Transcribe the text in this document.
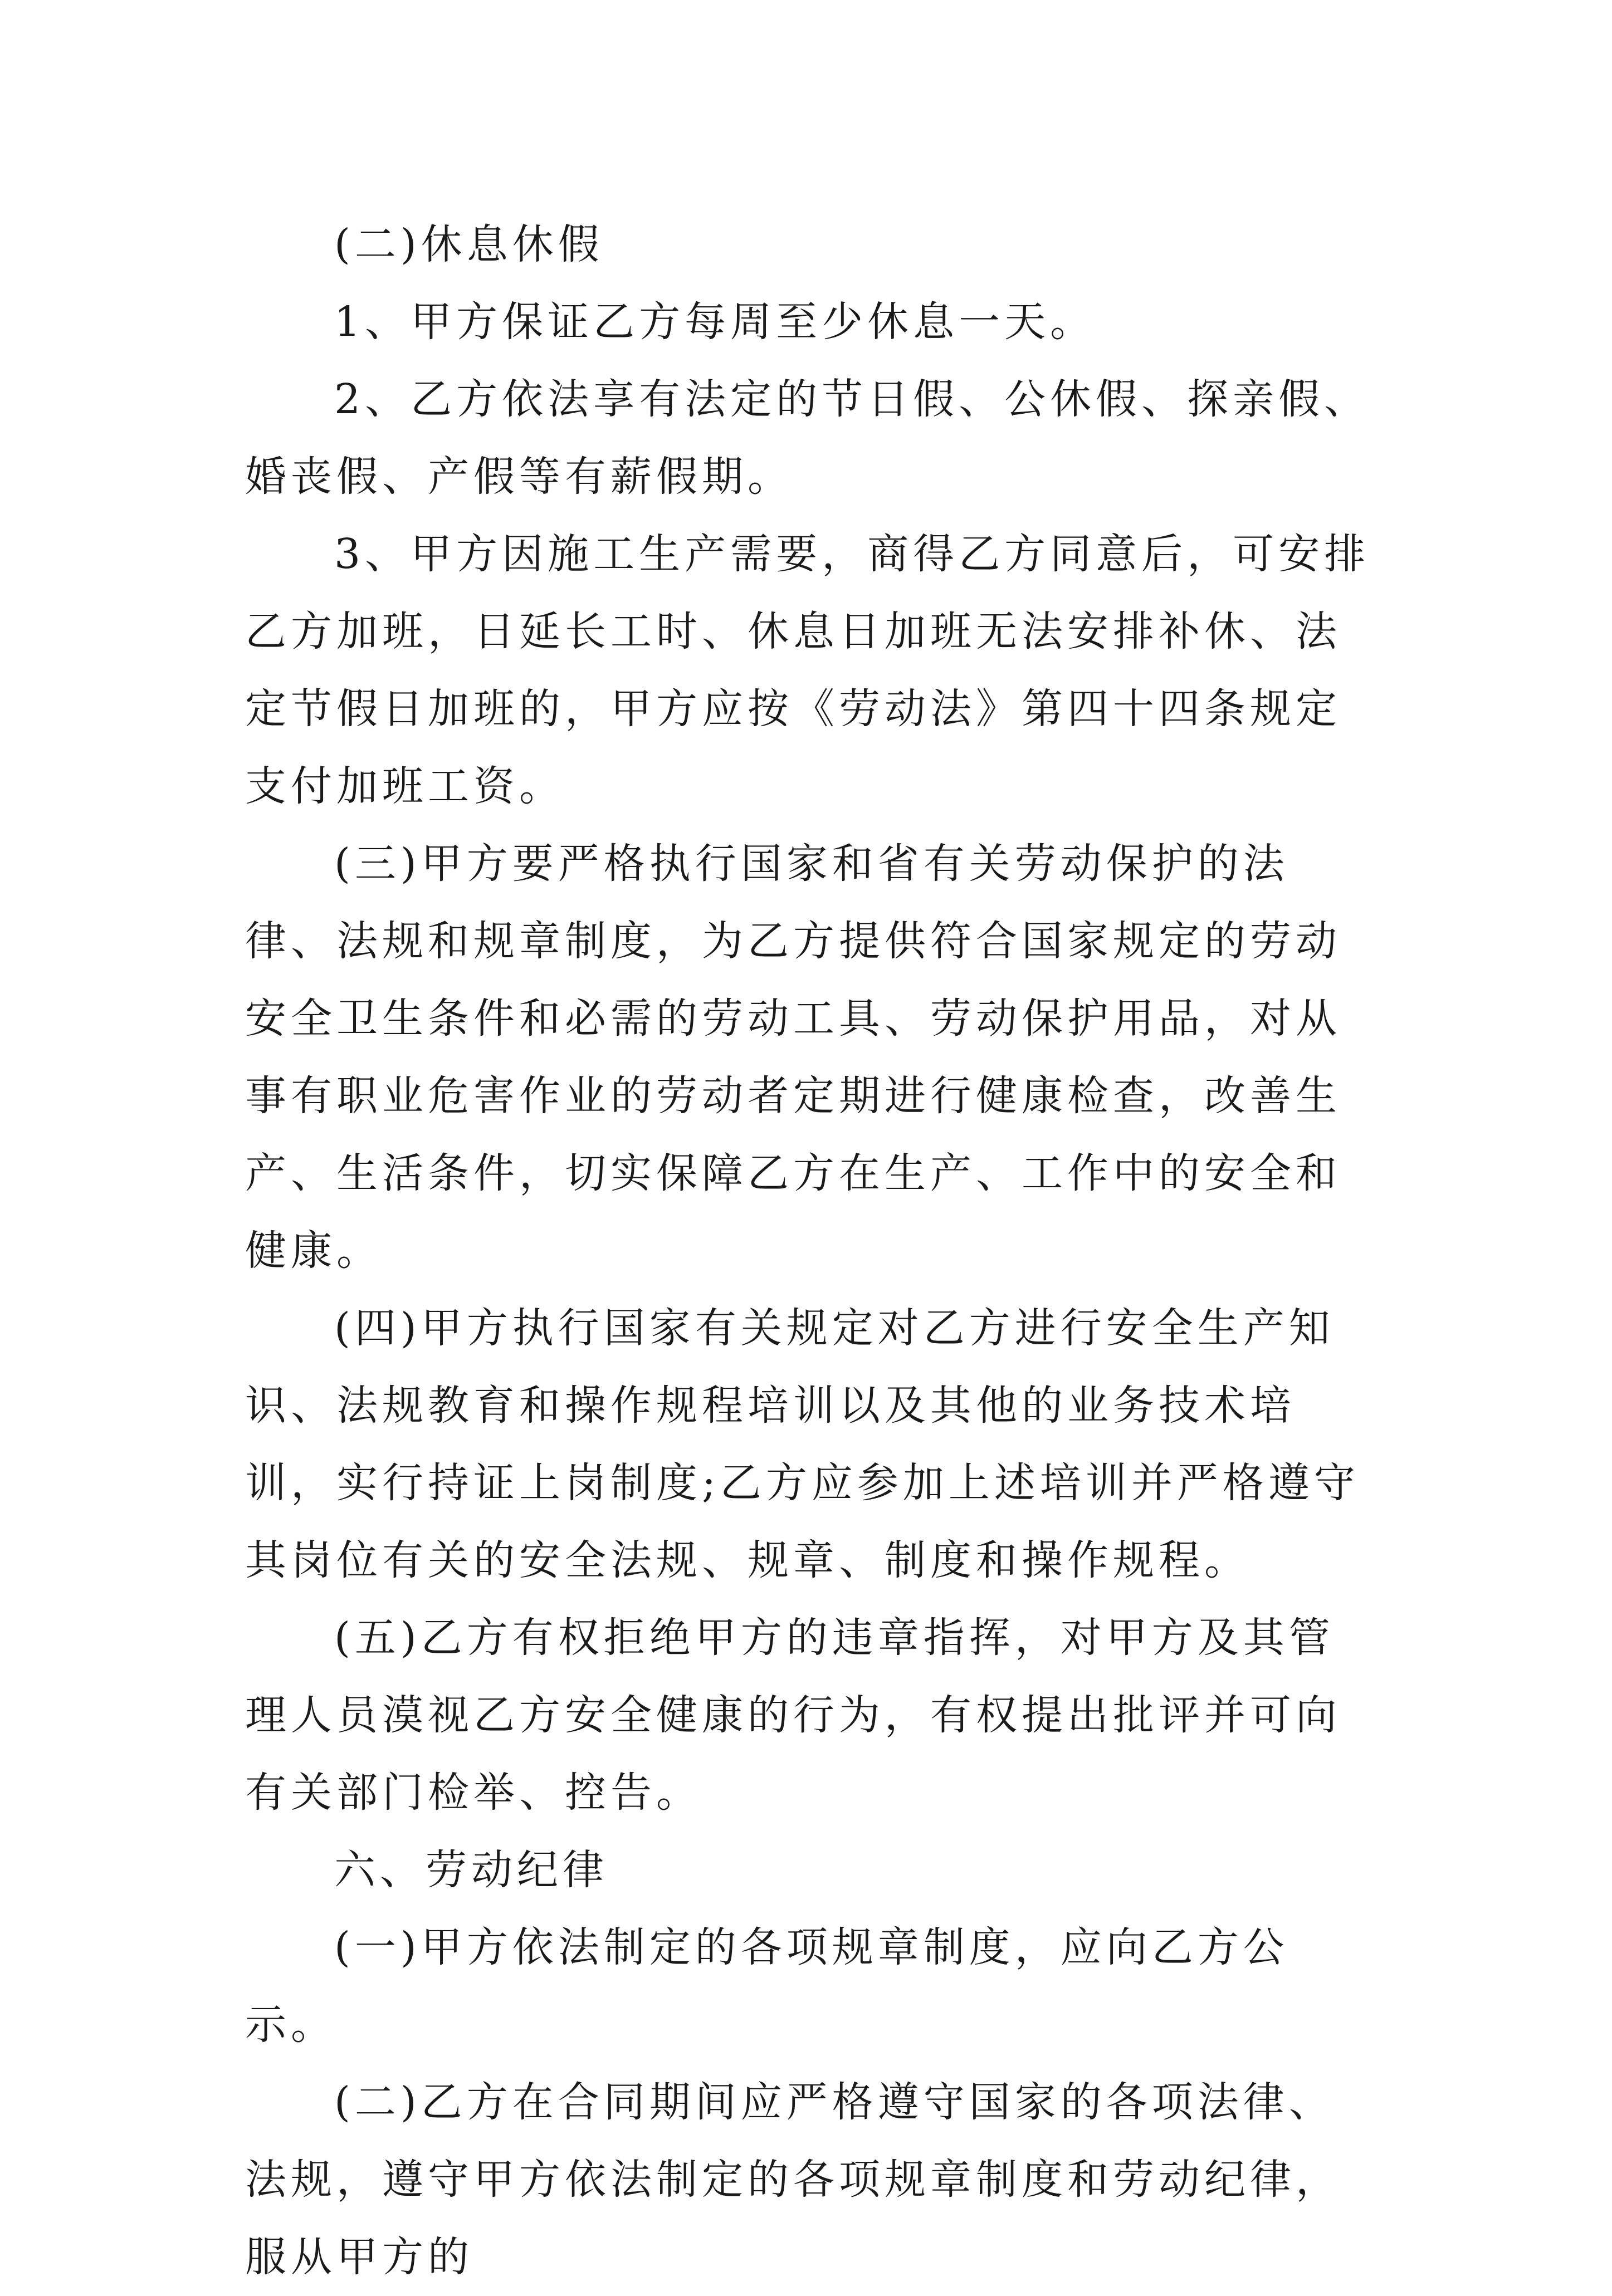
(二)休息休假

1、甲方保证乙方每周至少休息一天。

2、乙方依法享有法定的节日假、公休假、探亲假、婚丧假、产假等有薪假期。

3、甲方因施工生产需要，商得乙方同意后，可安排乙方加班，日延长工时、休息日加班无法安排补休、法定节假日加班的，甲方应按《劳动法》第四十四条规定支付加班工资。

(三)甲方要严格执行国家和省有关劳动保护的法律、法规和规章制度，为乙方提供符合国家规定的劳动安全卫生条件和必需的劳动工具、劳动保护用品，对从事有职业危害作业的劳动者定期进行健康检查，改善生产、生活条件，切实保障乙方在生产、工作中的安全和健康。

(四)甲方执行国家有关规定对乙方进行安全生产知识、法规教育和操作规程培训以及其他的业务技术培训，实行持证上岗制度;乙方应参加上述培训并严格遵守其岗位有关的安全法规、规章、制度和操作规程。

(五)乙方有权拒绝甲方的违章指挥，对甲方及其管理人员漠视乙方安全健康的行为，有权提出批评并可向有关部门检举、控告。

六、劳动纪律

(一)甲方依法制定的各项规章制度，应向乙方公示。

(二)乙方在合同期间应严格遵守国家的各项法律、法规，遵守甲方依法制定的各项规章制度和劳动纪律，服从甲方的
